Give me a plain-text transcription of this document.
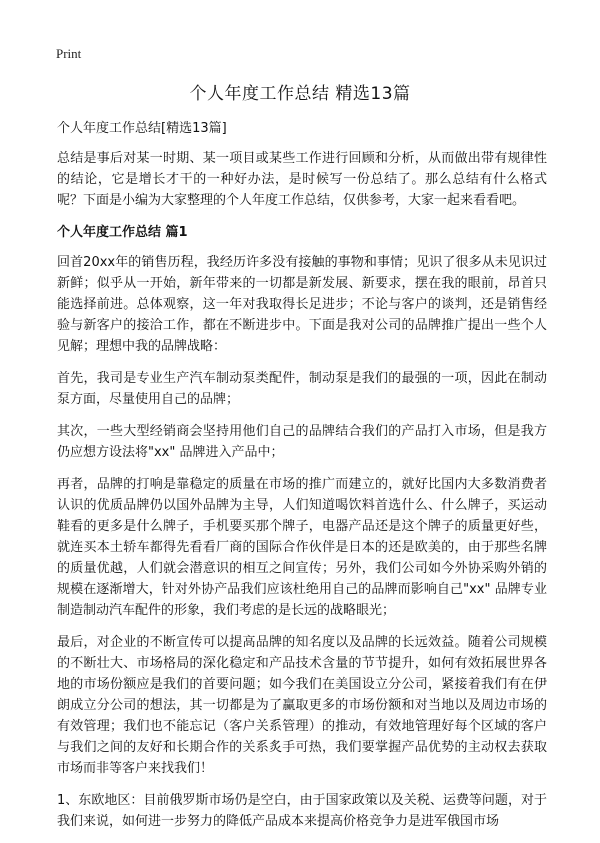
Print
个人年度工作总结 精选13篇

个人年度工作总结[精选13篇]

总结是事后对某一时期、某一项目或某些工作进行回顾和分析，从而做出带有规律性的结论，它是增长才干的一种好办法，是时候写一份总结了。那么总结有什么格式呢？下面是小编为大家整理的个人年度工作总结，仅供参考，大家一起来看看吧。

个人年度工作总结 篇1

回首20xx年的销售历程，我经历许多没有接触的事物和事情；见识了很多从未见识过新鲜；似乎从一开始，新年带来的一切都是新发展、新要求，摆在我的眼前，昂首只能选择前进。总体观察，这一年对我取得长足进步；不论与客户的谈判，还是销售经验与新客户的接洽工作，都在不断进步中。下面是我对公司的品牌推广提出一些个人见解；理想中我的品牌战略：

首先，我司是专业生产汽车制动泵类配件，制动泵是我们的最强的一项，因此在制动泵方面，尽量使用自己的品牌；

其次，一些大型经销商会坚持用他们自己的品牌结合我们的产品打入市场，但是我方仍应想方设法将"xx" 品牌进入产品中；

再者，品牌的打响是靠稳定的质量在市场的推广而建立的，就好比国内大多数消费者认识的优质品牌仍以国外品牌为主导，人们知道喝饮料首选什么、什么牌子，买运动鞋看的更多是什么牌子，手机要买那个牌子，电器产品还是这个牌子的质量更好些，就连买本土轿车都得先看看厂商的国际合作伙伴是日本的还是欧美的，由于那些名牌的质量优越，人们就会潜意识的相互之间宣传；另外，我们公司如今外协采购外销的规模在逐渐增大，针对外协产品我们应该杜绝用自己的品牌而影响自己"xx" 品牌专业制造制动汽车配件的形象，我们考虑的是长远的战略眼光；

最后，对企业的不断宣传可以提高品牌的知名度以及品牌的长远效益。随着公司规模的不断壮大、市场格局的深化稳定和产品技术含量的节节提升，如何有效拓展世界各地的市场份额应是我们的首要问题；如今我们在美国设立分公司，紧接着我们有在伊朗成立分公司的想法，其一切都是为了赢取更多的市场份额和对当地以及周边市场的有效管理；我们也不能忘记（客户关系管理）的推动，有效地管理好每个区域的客户与我们之间的友好和长期合作的关系炙手可热，我们要掌握产品优势的主动权去获取市场而非等客户来找我们！

1、东欧地区：目前俄罗斯市场仍是空白，由于国家政策以及关税、运费等问题，对于我们来说，如何进一步努力的降低产品成本来提高价格竞争力是进军俄国市场
